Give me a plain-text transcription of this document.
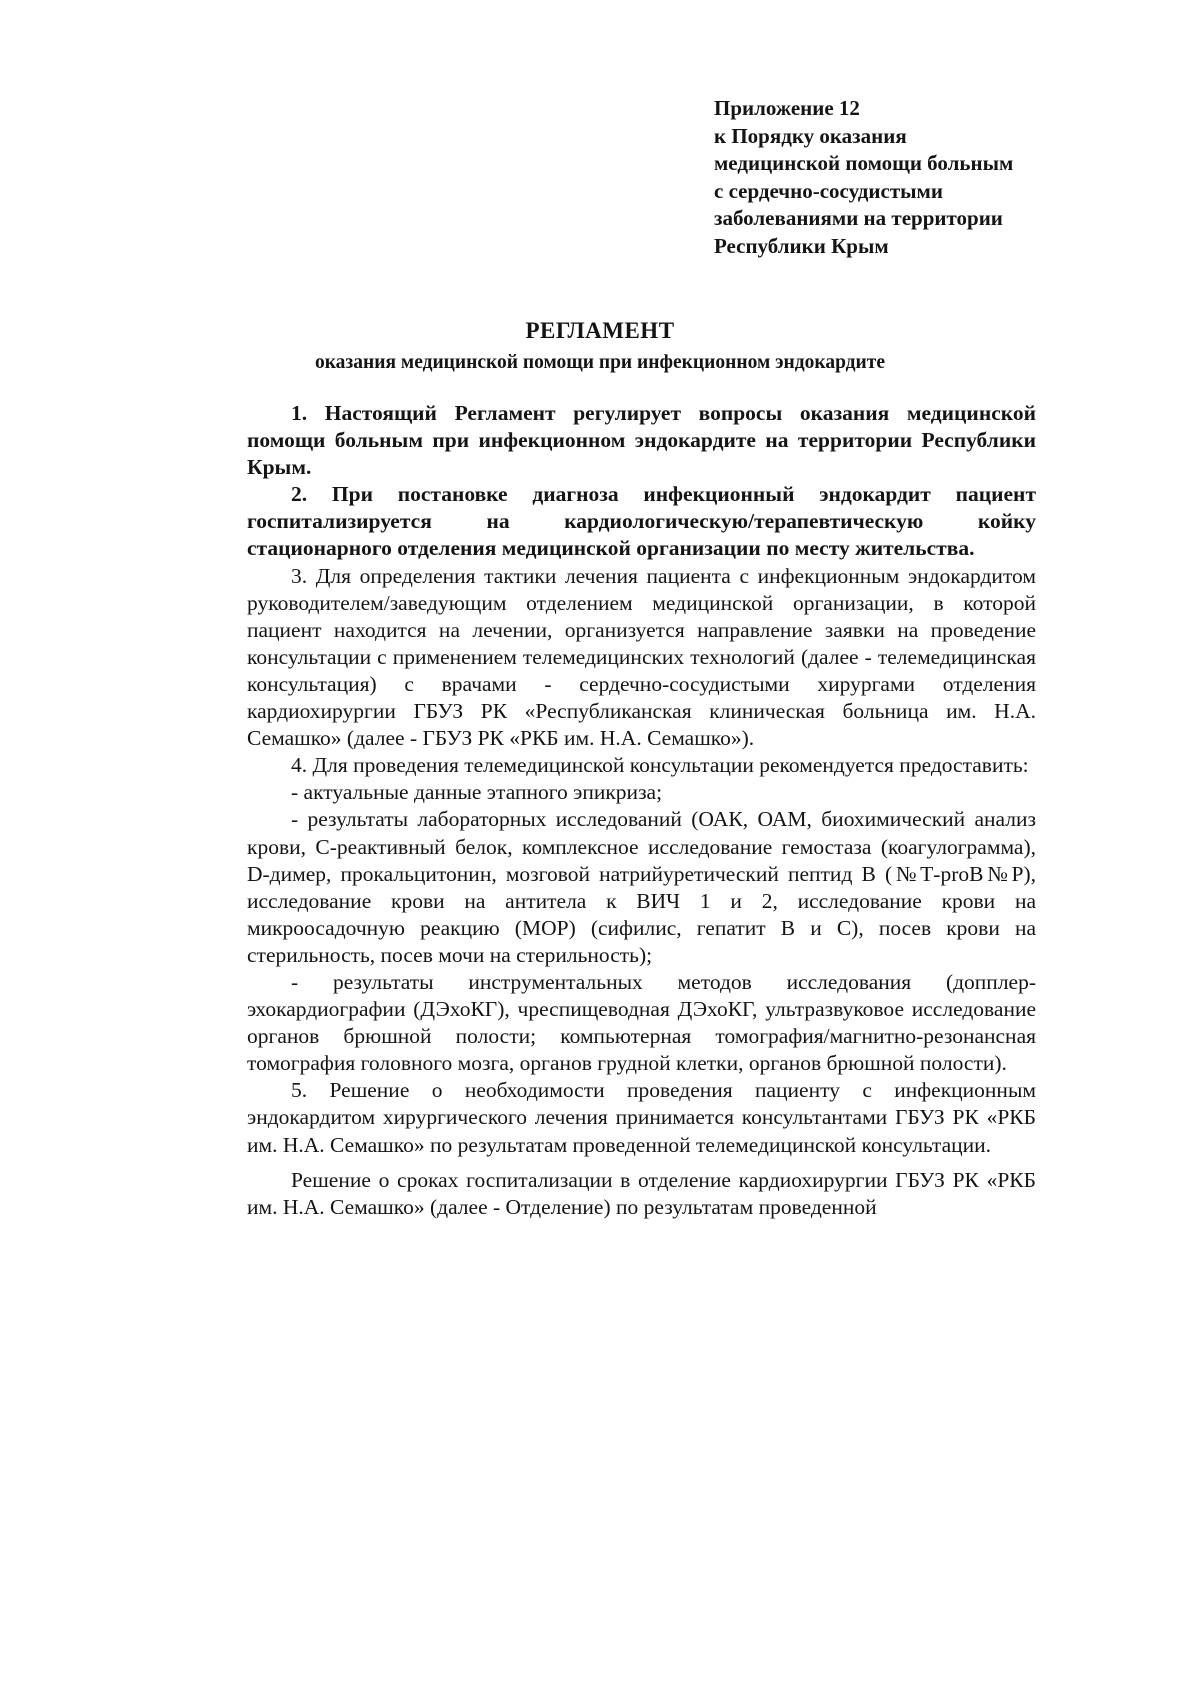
Приложение 12
к Порядку оказания
медицинской помощи больным
с сердечно-сосудистыми
заболеваниями на территории
Республики Крым
РЕГЛАМЕНТ
оказания медицинской помощи при инфекционном эндокардите

1. Настоящий Регламент регулирует вопросы оказания медицинской помощи больным при инфекционном эндокардите на территории Республики Крым.

2. При постановке диагноза инфекционный эндокардит пациент госпитализируется на кардиологическую/терапевтическую койку стационарного отделения медицинской организации по месту жительства.

3. Для определения тактики лечения пациента с инфекционным эндокардитом руководителем/заведующим отделением медицинской организации, в которой пациент находится на лечении, организуется направление заявки на проведение консультации с применением телемедицинских технологий (далее - телемедицинская консультация) с врачами - сердечно-сосудистыми хирургами отделения кардиохирургии ГБУЗ РК «Республиканская клиническая больница им. Н.А. Семашко» (далее - ГБУЗ РК «РКБ им. Н.А. Семашко»).

4. Для проведения телемедицинской консультации рекомендуется предоставить:

- актуальные данные этапного эпикриза;

- результаты лабораторных исследований (ОАК, ОАМ, биохимический анализ крови, С-реактивный белок, комплексное исследование гемостаза (коагулограмма), D-димер, прокальцитонин, мозговой натрийуретический пептид В (№Т-proВ№Р), исследование крови на антитела к ВИЧ 1 и 2, исследование крови на микроосадочную реакцию (МОР) (сифилис, гепатит В и С), посев крови на стерильность, посев мочи на стерильность);

- результаты инструментальных методов исследования (допплер-эхокардиографии (ДЭхоКГ), чреспищеводная ДЭхоКГ, ультразвуковое исследование органов брюшной полости; компьютерная томография/магнитно-резонансная томография головного мозга, органов грудной клетки, органов брюшной полости).

5. Решение о необходимости проведения пациенту с инфекционным эндокардитом хирургического лечения принимается консультантами ГБУЗ РК «РКБ им. Н.А. Семашко» по результатам проведенной телемедицинской консультации.

Решение о сроках госпитализации в отделение кардиохирургии ГБУЗ РК «РКБ им. Н.А. Семашко» (далее - Отделение) по результатам проведенной
